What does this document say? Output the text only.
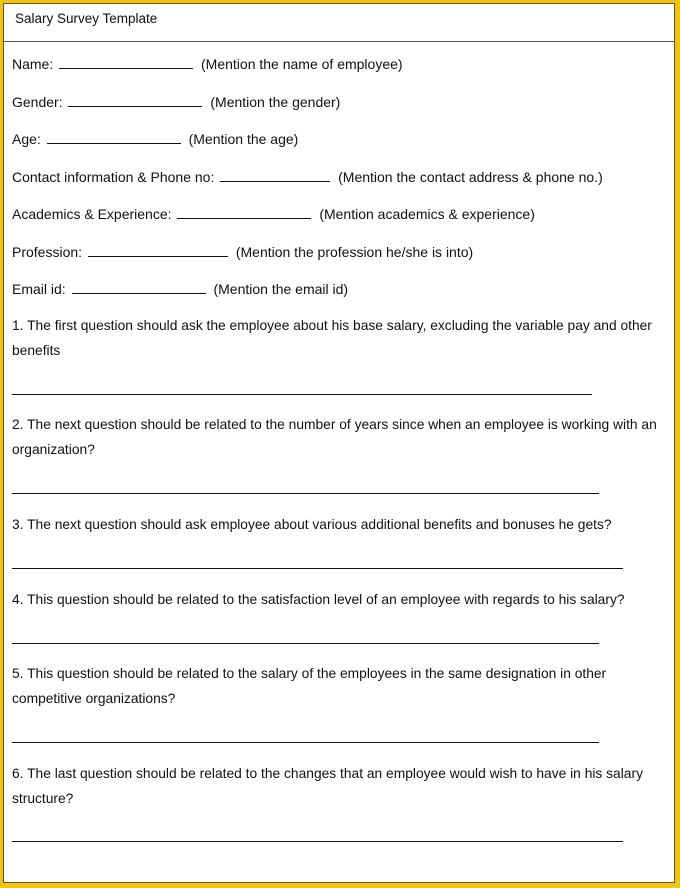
Salary Survey Template
Name:	(Mention the name of employee)
Gender:	(Mention the gender)
Age:	(Mention the age)
Contact information & Phone no:	(Mention the contact address & phone no.)
Academics & Experience:	(Mention academics & experience)
Profession:	(Mention the profession he/she is into)
Email id:	(Mention the email id)
1. The first question should ask the employee about his base salary, excluding the variable pay and other benefits
2. The next question should be related to the number of years since when an employee is working with an organization?
3. The next question should ask employee about various additional benefits and bonuses he gets?
4. This question should be related to the satisfaction level of an employee with regards to his salary?
5. This question should be related to the salary of the employees in the same designation in other competitive organizations?
6. The last question should be related to the changes that an employee would wish to have in his salary structure?
